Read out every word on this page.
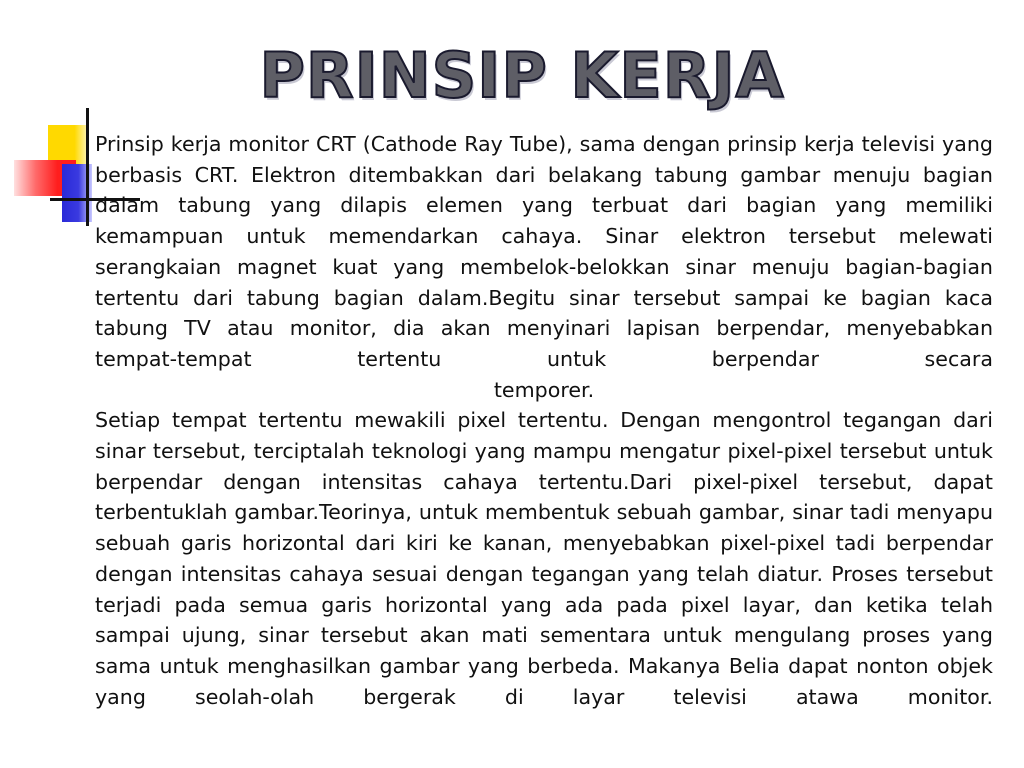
PRINSIP KERJA

Prinsip kerja monitor CRT (Cathode Ray Tube), sama dengan prinsip kerja televisi yang berbasis CRT. Elektron ditembakkan dari belakang tabung gambar menuju bagian dalam tabung yang dilapis elemen yang terbuat dari bagian yang memiliki kemampuan untuk memendarkan cahaya. Sinar elektron tersebut melewati serangkaian magnet kuat yang membelok-belokkan sinar menuju bagian-bagian tertentu dari tabung bagian dalam.Begitu sinar tersebut sampai ke bagian kaca tabung TV atau monitor, dia akan menyinari lapisan berpendar, menyebabkan tempat-tempat tertentu untuk berpendar secara

temporer.

Setiap tempat tertentu mewakili pixel tertentu. Dengan mengontrol tegangan dari sinar tersebut, terciptalah teknologi yang mampu mengatur pixel-pixel tersebut untuk berpendar dengan intensitas cahaya tertentu.Dari pixel-pixel tersebut, dapat terbentuklah gambar.Teorinya, untuk membentuk sebuah gambar, sinar tadi menyapu sebuah garis horizontal dari kiri ke kanan, menyebabkan pixel-pixel tadi berpendar dengan intensitas cahaya sesuai dengan tegangan yang telah diatur. Proses tersebut terjadi pada semua garis horizontal yang ada pada pixel layar, dan ketika telah sampai ujung, sinar tersebut akan mati sementara untuk mengulang proses yang sama untuk menghasilkan gambar yang berbeda. Makanya Belia dapat nonton objek yang seolah-olah bergerak di layar televisi atawa monitor.
